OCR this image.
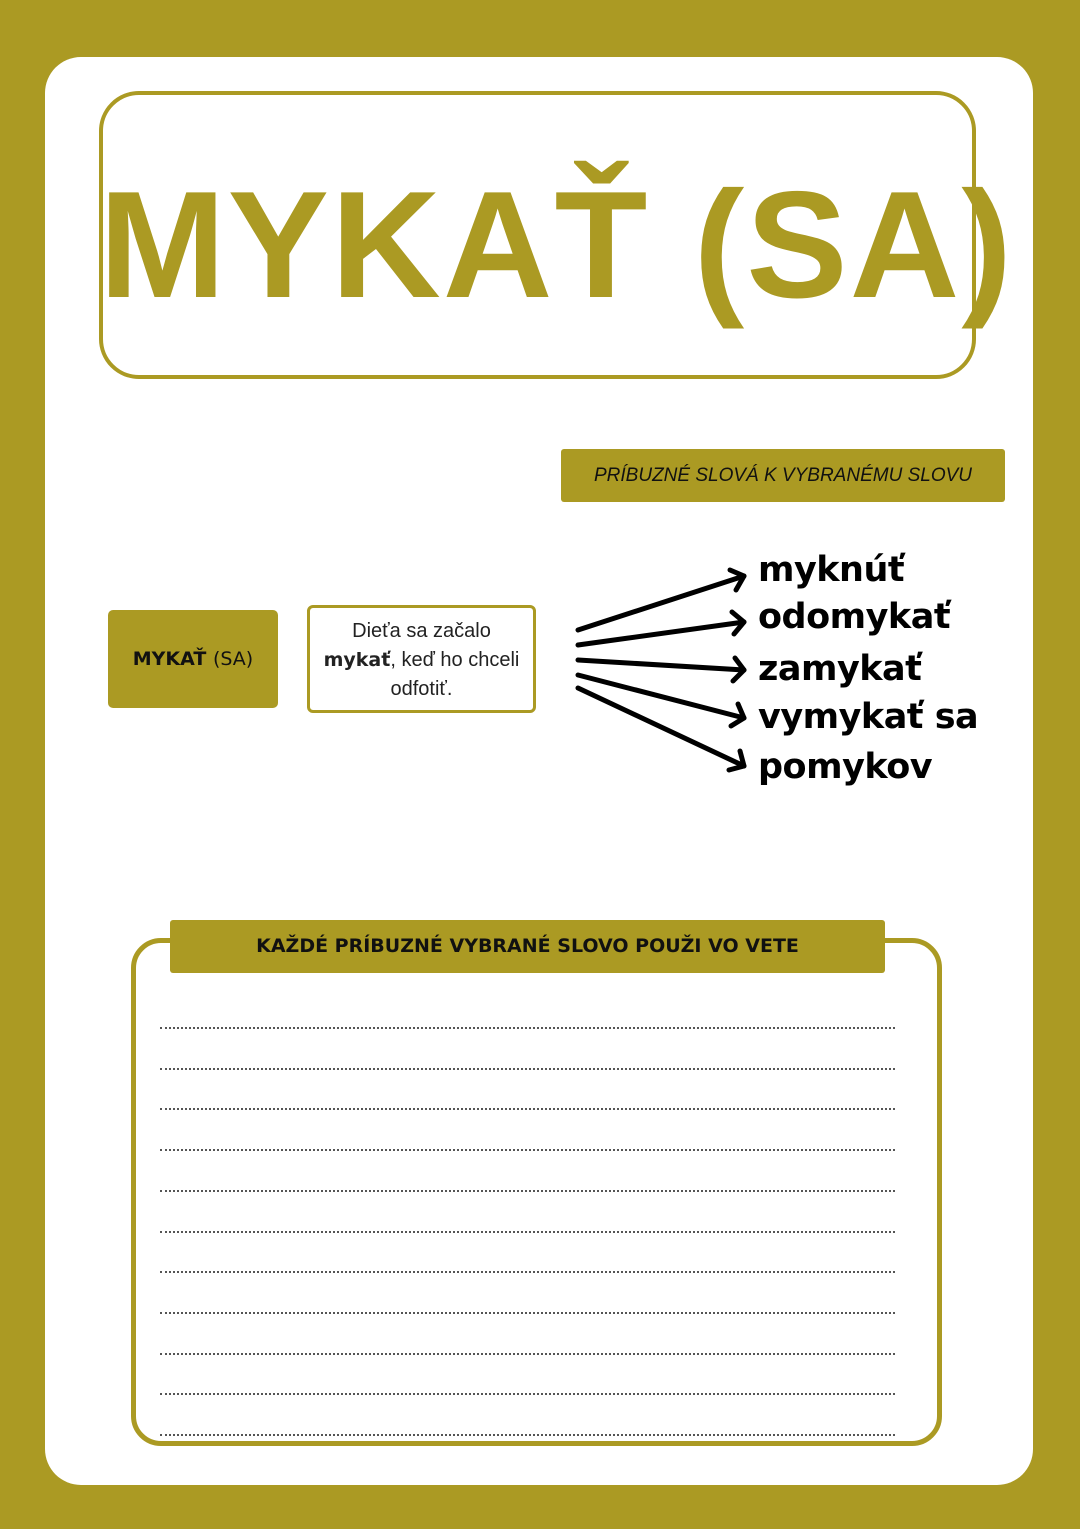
MYKAŤ (SA)
PRÍBUZNÉ SLOVÁ K VYBRANÉMU SLOVU
MYKAŤ (SA)
Dieťa sa začalo
mykať, keď ho chceli odfotiť.
myknúť
odomykať
zamykať
vymykať sa
pomykov
KAŽDÉ PRÍBUZNÉ VYBRANÉ SLOVO POUŽI VO VETE
